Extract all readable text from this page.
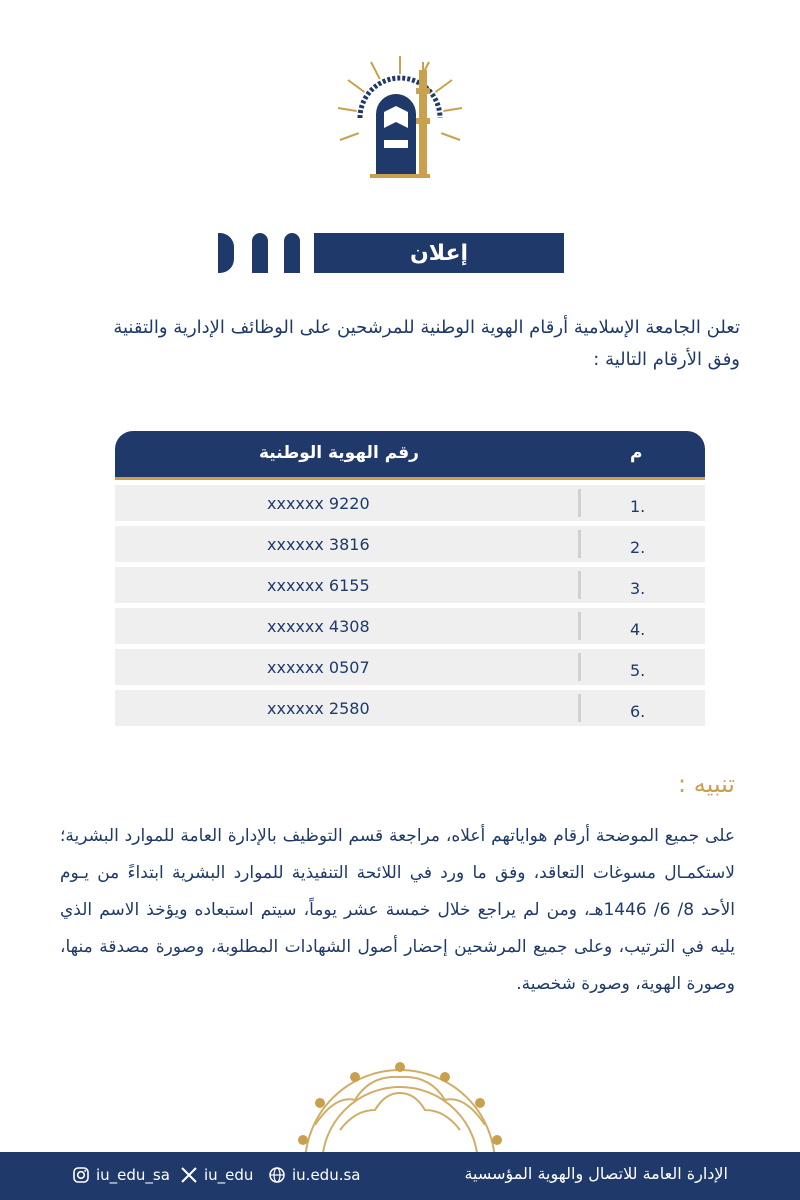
إعلان
تعلن الجامعة الإسلامية أرقام الهوية الوطنية للمرشحين على الوظائف الإدارية والتقنية
وفق الأرقام التالية :
رقم الهوية الوطنية	م
xxxxxx 9220	1.
xxxxxx 3816	2.
xxxxxx 6155	3.
xxxxxx 4308	4.
xxxxxx 0507	5.
xxxxxx 2580	6.
تنبيه :
على جميع الموضحة أرقام هواياتهم أعلاه، مراجعة قسم التوظيف بالإدارة العامة للموارد البشرية؛ لاستكمـال مسوغات التعاقد، وفق ما ورد في اللائحة التنفيذية للموارد البشرية ابتداءً من يـوم الأحد 8/ 6/ 1446هـ، ومن لم يراجع خلال خمسة عشر يوماً، سيتم استبعاده ويؤخذ الاسم الذي يليه في الترتيب، وعلى جميع المرشحين إحضار أصول الشهادات المطلوبة، وصورة مصدقة منها، وصورة الهوية، وصورة شخصية.
iu_edu_sa iu_edu	iu.edu.sa	الإدارة العامة للاتصال والهوية المؤسسية
